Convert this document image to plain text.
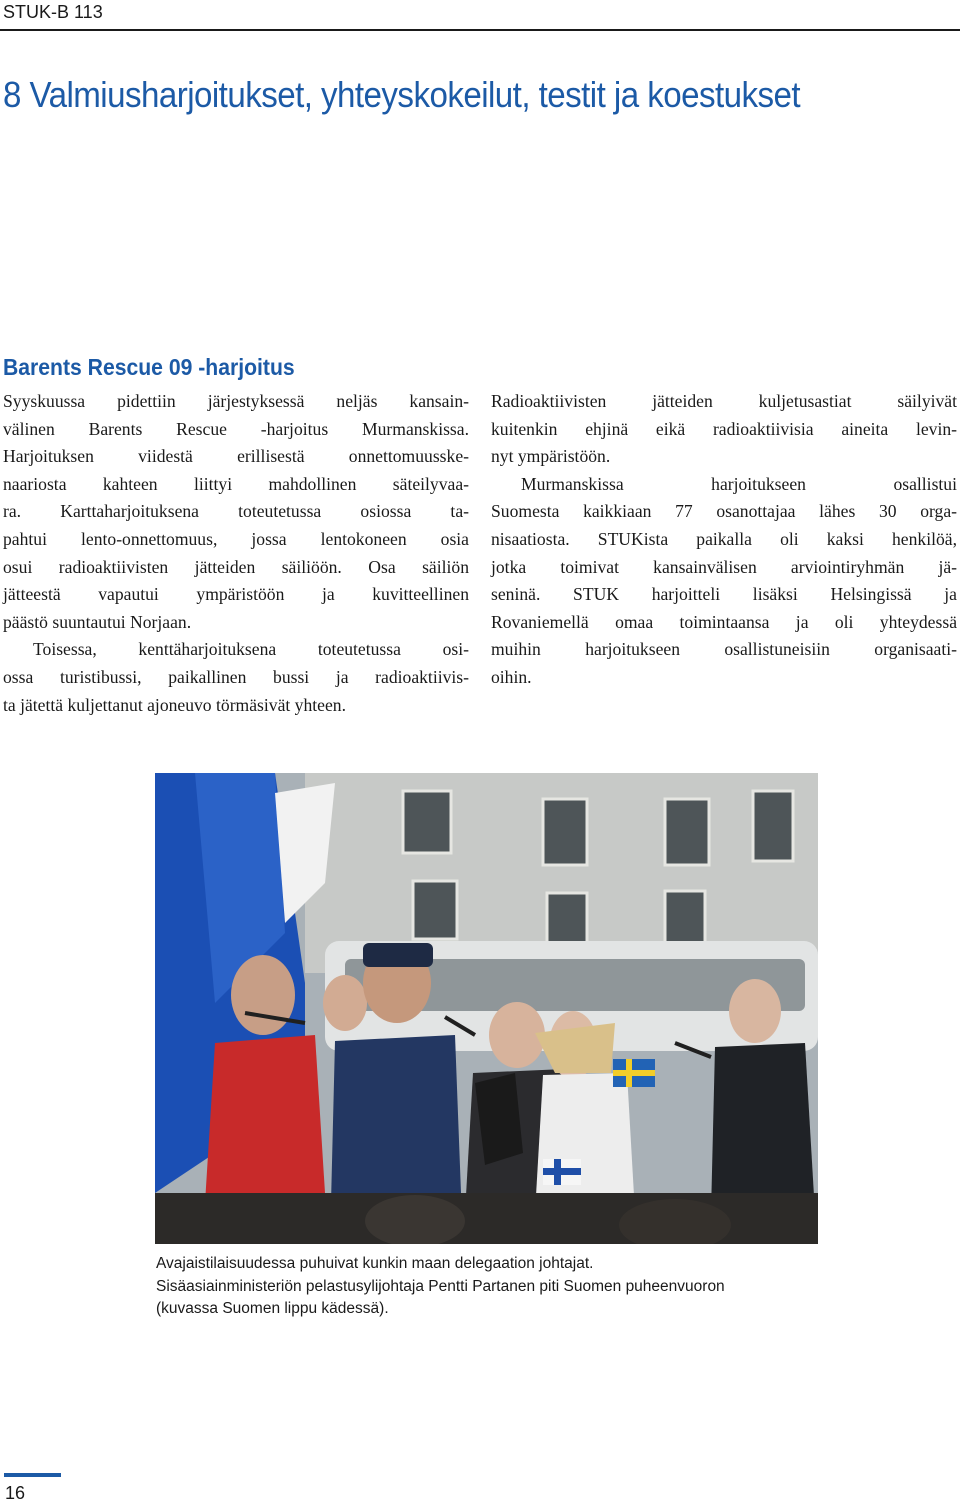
STUK-B 113
8 Valmiusharjoitukset, yhteyskokeilut, testit ja koestukset
Barents Rescue 09 -harjoitus
Syyskuussa pidettiin järjestyksessä neljäs kansain-
välinen Barents Rescue -harjoitus Murmanskissa.
Harjoituksen viidestä erillisestä onnettomuusske-
naariosta kahteen liittyi mahdollinen säteilyvaa-
ra. Karttaharjoituksena toteutetussa osiossa ta-
pahtui lento-onnettomuus, jossa lentokoneen osia
osui radioaktiivisten jätteiden säiliöön. Osa säiliön
jätteestä vapautui ympäristöön ja kuvitteellinen
päästö suuntautui Norjaan.
Toisessa, kenttäharjoituksena toteutetussa osi-
ossa turistibussi, paikallinen bussi ja radioaktiivis-
ta jätettä kuljettanut ajoneuvo törmäsivät yhteen.
Radioaktiivisten jätteiden kuljetusastiat säilyivät
kuitenkin ehjinä eikä radioaktiivisia aineita levin-
nyt ympäristöön.
Murmanskissa harjoitukseen osallistui
Suomesta kaikkiaan 77 osanottajaa lähes 30 orga-
nisaatiosta. STUKista paikalla oli kaksi henkilöä,
jotka toimivat kansainvälisen arviointiryhmän jä-
seninä. STUK harjoitteli lisäksi Helsingissä ja
Rovaniemellä omaa toimintaansa ja oli yhteydessä
muihin harjoitukseen osallistuneisiin organisaati-
oihin.
Avajaistilaisuudessa puhuivat kunkin maan delegaation johtajat.
Sisäasiainministeriön pelastusylijohtaja Pentti Partanen piti Suomen puheenvuoron
(kuvassa Suomen lippu kädessä).
16
